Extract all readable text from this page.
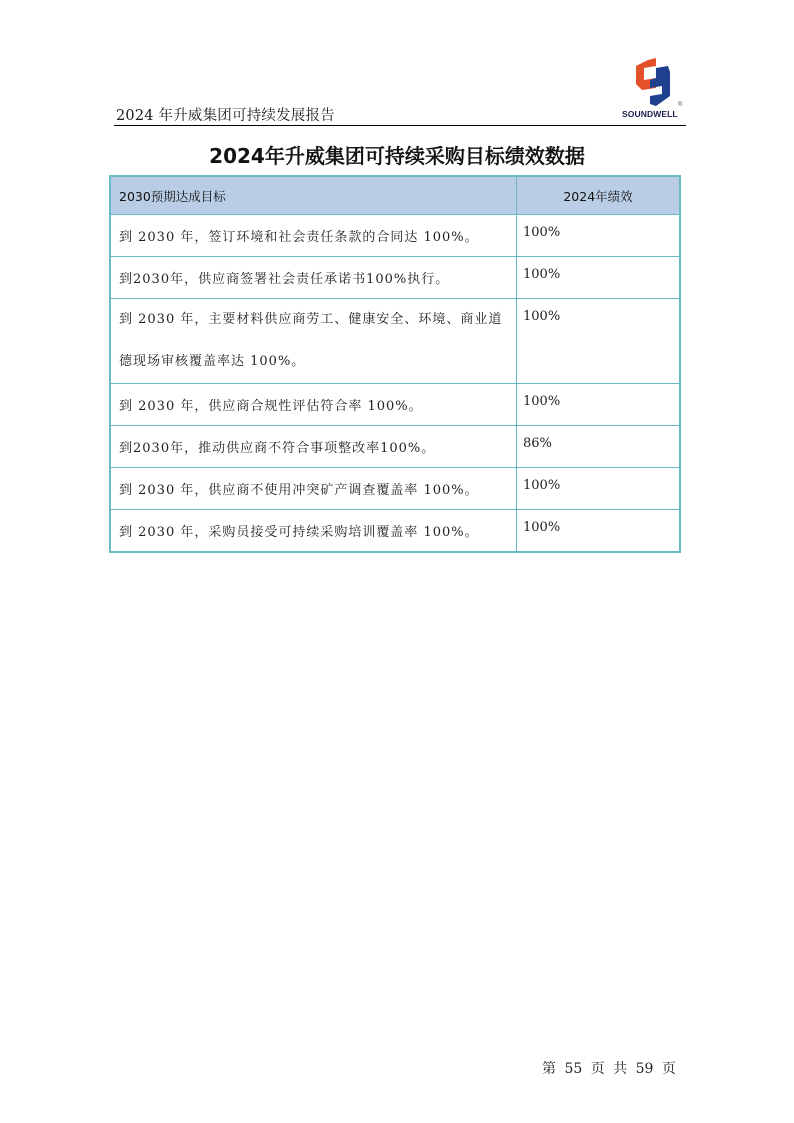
2024 年升威集团可持续发展报告	SOUNDWELL
®
2024年升威集团可持续采购目标绩效数据
2030预期达成目标	2024年绩效
到 2030 年，签订环境和社会责任条款的合同达 100%。	100%
到2030年，供应商签署社会责任承诺书100%执行。	100%
到 2030 年，主要材料供应商劳工、健康安全、环境、商业道德现场审核覆盖率达 100%。	100%
到 2030 年，供应商合规性评估符合率 100%。	100%
到2030年，推动供应商不符合事项整改率100%。	86%
到 2030 年，供应商不使用冲突矿产调查覆盖率 100%。	100%
到 2030 年，采购员接受可持续采购培训覆盖率 100%。	100%
第 55 页 共 59 页
